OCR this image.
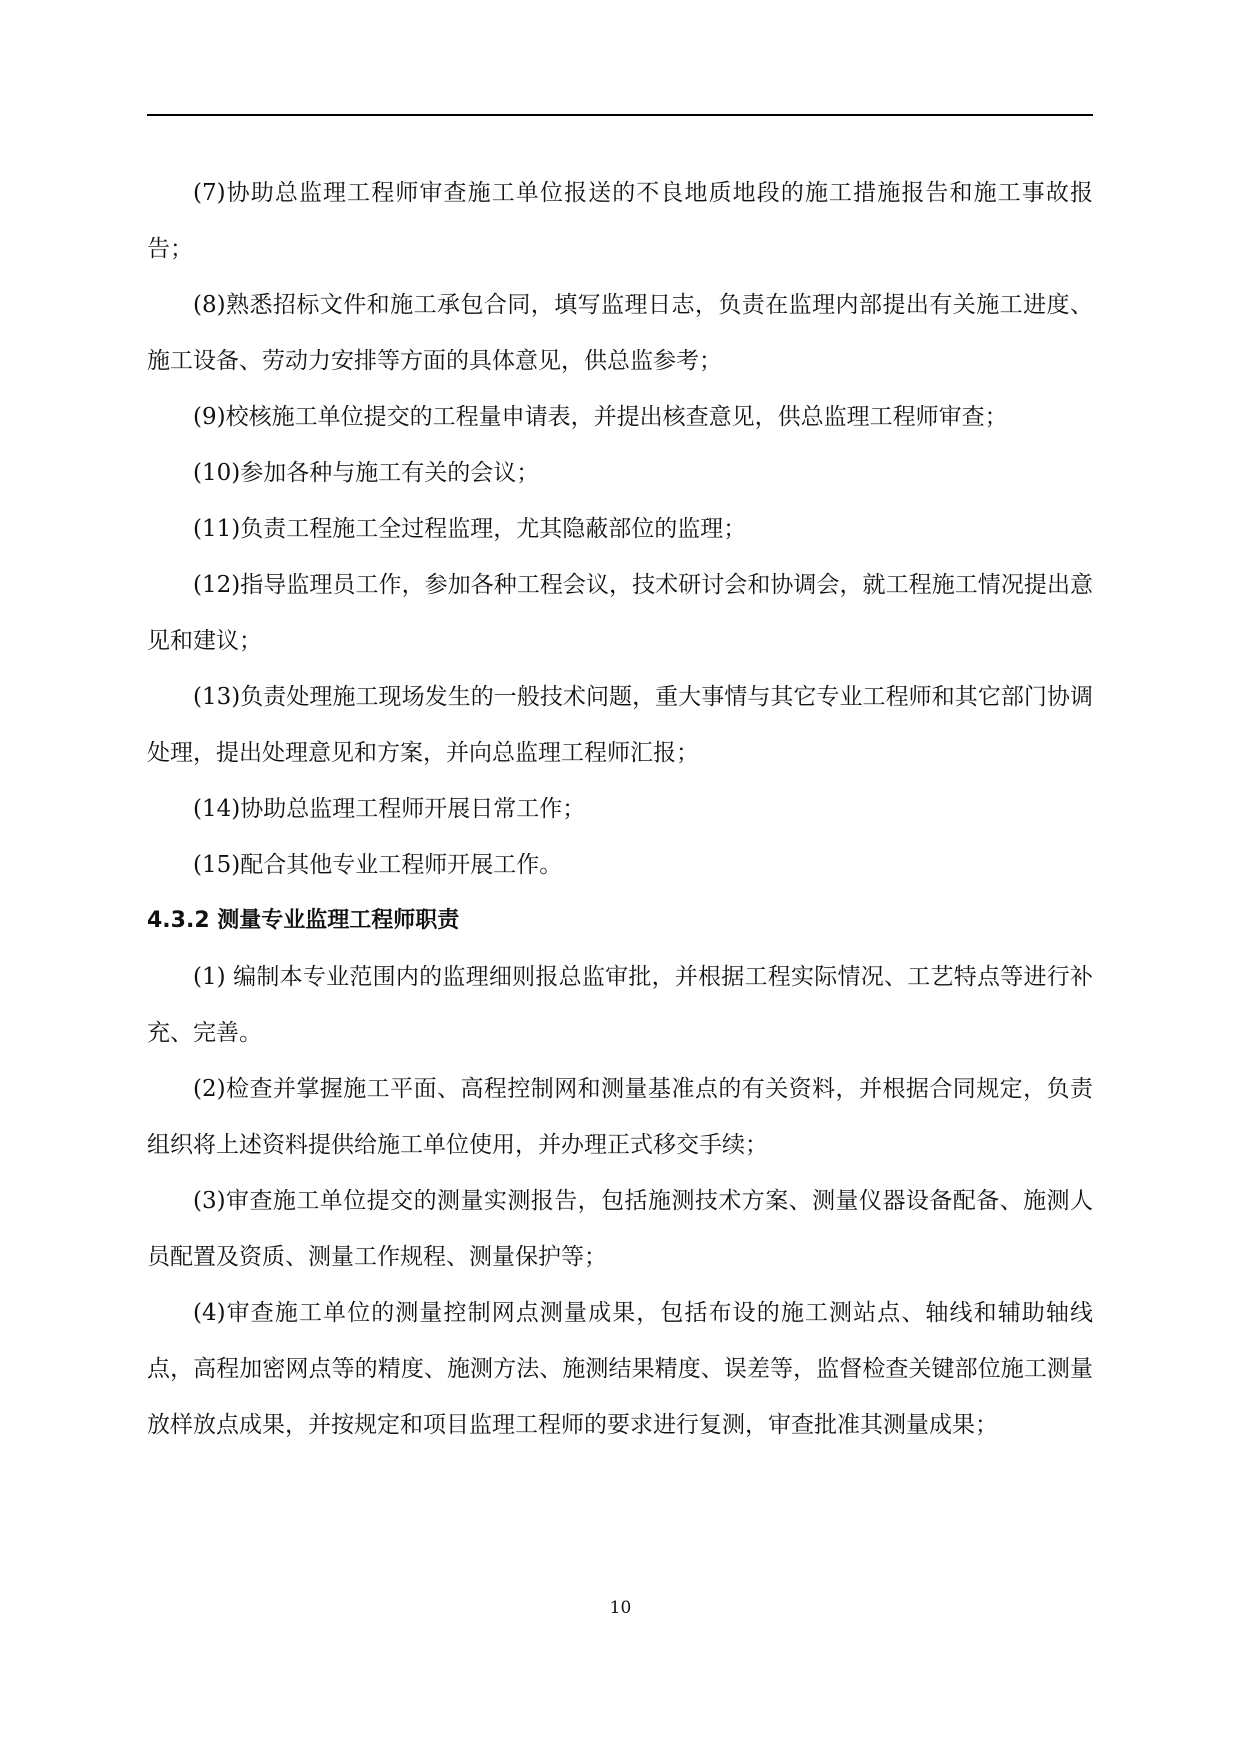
(7)协助总监理工程师审查施工单位报送的不良地质地段的施工措施报告和施工事故报告；

(8)熟悉招标文件和施工承包合同，填写监理日志，负责在监理内部提出有关施工进度、施工设备、劳动力安排等方面的具体意见，供总监参考；

(9)校核施工单位提交的工程量申请表，并提出核查意见，供总监理工程师审查；

(10)参加各种与施工有关的会议；

(11)负责工程施工全过程监理，尤其隐蔽部位的监理；

(12)指导监理员工作，参加各种工程会议，技术研讨会和协调会，就工程施工情况提出意见和建议；

(13)负责处理施工现场发生的一般技术问题，重大事情与其它专业工程师和其它部门协调处理，提出处理意见和方案，并向总监理工程师汇报；

(14)协助总监理工程师开展日常工作；

(15)配合其他专业工程师开展工作。

4.3.2 测量专业监理工程师职责

(1) 编制本专业范围内的监理细则报总监审批，并根据工程实际情况、工艺特点等进行补充、完善。

(2)检查并掌握施工平面、高程控制网和测量基准点的有关资料，并根据合同规定，负责组织将上述资料提供给施工单位使用，并办理正式移交手续；

(3)审查施工单位提交的测量实测报告，包括施测技术方案、测量仪器设备配备、施测人员配置及资质、测量工作规程、测量保护等；

(4)审查施工单位的测量控制网点测量成果，包括布设的施工测站点、轴线和辅助轴线点，高程加密网点等的精度、施测方法、施测结果精度、误差等，监督检查关键部位施工测量放样放点成果，并按规定和项目监理工程师的要求进行复测，审查批准其测量成果；

10
